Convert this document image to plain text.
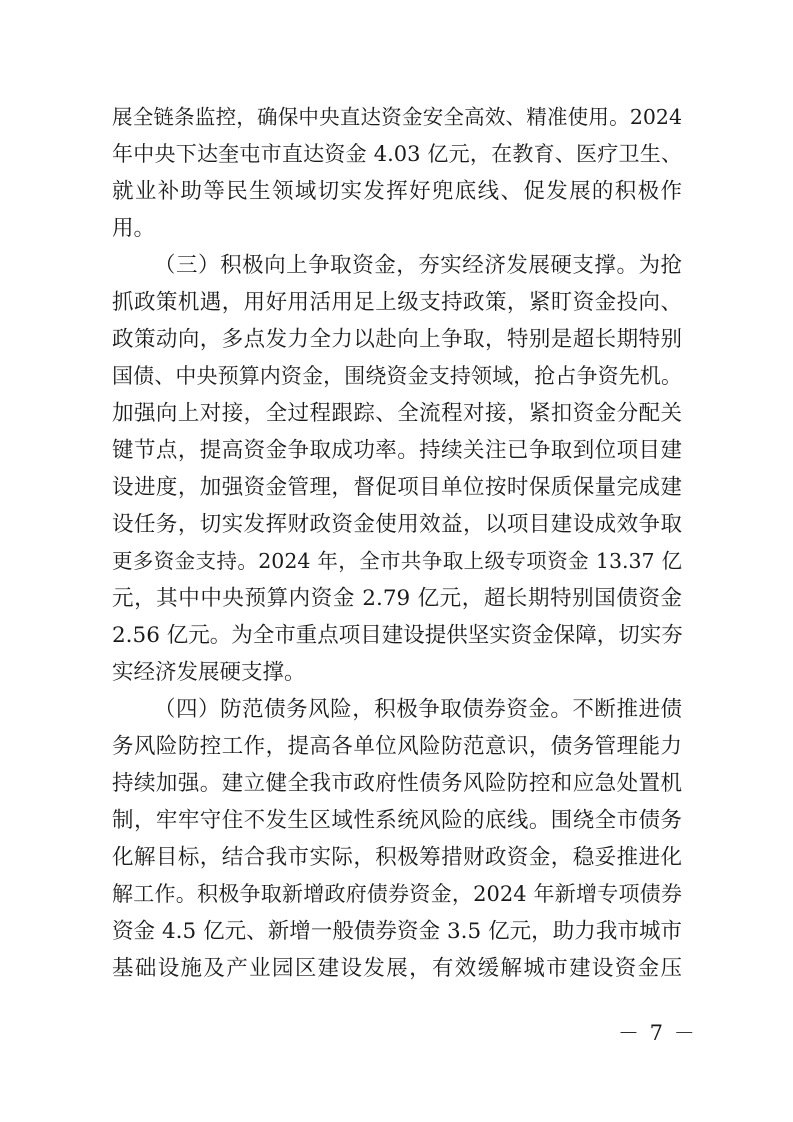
展全链条监控，确保中央直达资金安全高效、精准使用。2024
年中央下达奎屯市直达资金 4.03 亿元，在教育、医疗卫生、
就业补助等民生领域切实发挥好兜底线、促发展的积极作
用。
（三）积极向上争取资金，夯实经济发展硬支撑。为抢
抓政策机遇，用好用活用足上级支持政策，紧盯资金投向、
政策动向，多点发力全力以赴向上争取，特别是超长期特别
国债、中央预算内资金，围绕资金支持领域，抢占争资先机。
加强向上对接，全过程跟踪、全流程对接，紧扣资金分配关
键节点，提高资金争取成功率。持续关注已争取到位项目建
设进度，加强资金管理，督促项目单位按时保质保量完成建
设任务，切实发挥财政资金使用效益，以项目建设成效争取
更多资金支持。2024 年，全市共争取上级专项资金 13.37 亿
元，其中中央预算内资金 2.79 亿元，超长期特别国债资金
2.56 亿元。为全市重点项目建设提供坚实资金保障，切实夯
实经济发展硬支撑。
（四）防范债务风险，积极争取债券资金。不断推进债
务风险防控工作，提高各单位风险防范意识，债务管理能力
持续加强。建立健全我市政府性债务风险防控和应急处置机
制，牢牢守住不发生区域性系统风险的底线。围绕全市债务
化解目标，结合我市实际，积极筹措财政资金，稳妥推进化
解工作。积极争取新增政府债券资金，2024 年新增专项债券
资金 4.5 亿元、新增一般债券资金 3.5 亿元，助力我市城市
基础设施及产业园区建设发展，有效缓解城市建设资金压
－ 7 －
